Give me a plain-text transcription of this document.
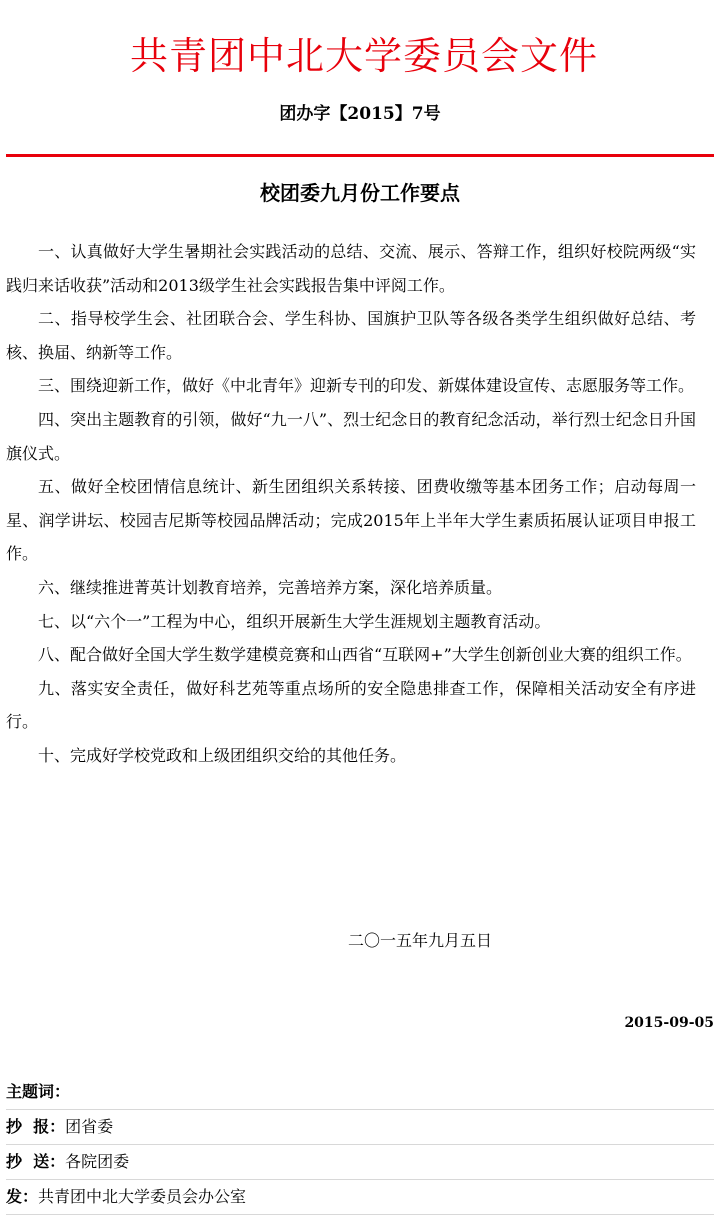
共青团中北大学委员会文件
团办字【2015】7号
校团委九月份工作要点

一、认真做好大学生暑期社会实践活动的总结、交流、展示、答辩工作，组织好校院两级“实践归来话收获”活动和2013级学生社会实践报告集中评阅工作。

二、指导校学生会、社团联合会、学生科协、国旗护卫队等各级各类学生组织做好总结、考核、换届、纳新等工作。

三、围绕迎新工作，做好《中北青年》迎新专刊的印发、新媒体建设宣传、志愿服务等工作。

四、突出主题教育的引领，做好“九一八”、烈士纪念日的教育纪念活动，举行烈士纪念日升国旗仪式。

五、做好全校团情信息统计、新生团组织关系转接、团费收缴等基本团务工作；启动每周一星、润学讲坛、校园吉尼斯等校园品牌活动；完成2015年上半年大学生素质拓展认证项目申报工作。

六、继续推进菁英计划教育培养，完善培养方案，深化培养质量。

七、以“六个一”工程为中心，组织开展新生大学生涯规划主题教育活动。

八、配合做好全国大学生数学建模竞赛和山西省“互联网+”大学生创新创业大赛的组织工作。

九、落实安全责任，做好科艺苑等重点场所的安全隐患排查工作，保障相关活动安全有序进行。

十、完成好学校党政和上级团组织交给的其他任务。

二〇一五年九月五日
2015-09-05
主题词：
抄  报：团省委
抄  送：各院团委
发：共青团中北大学委员会办公室
